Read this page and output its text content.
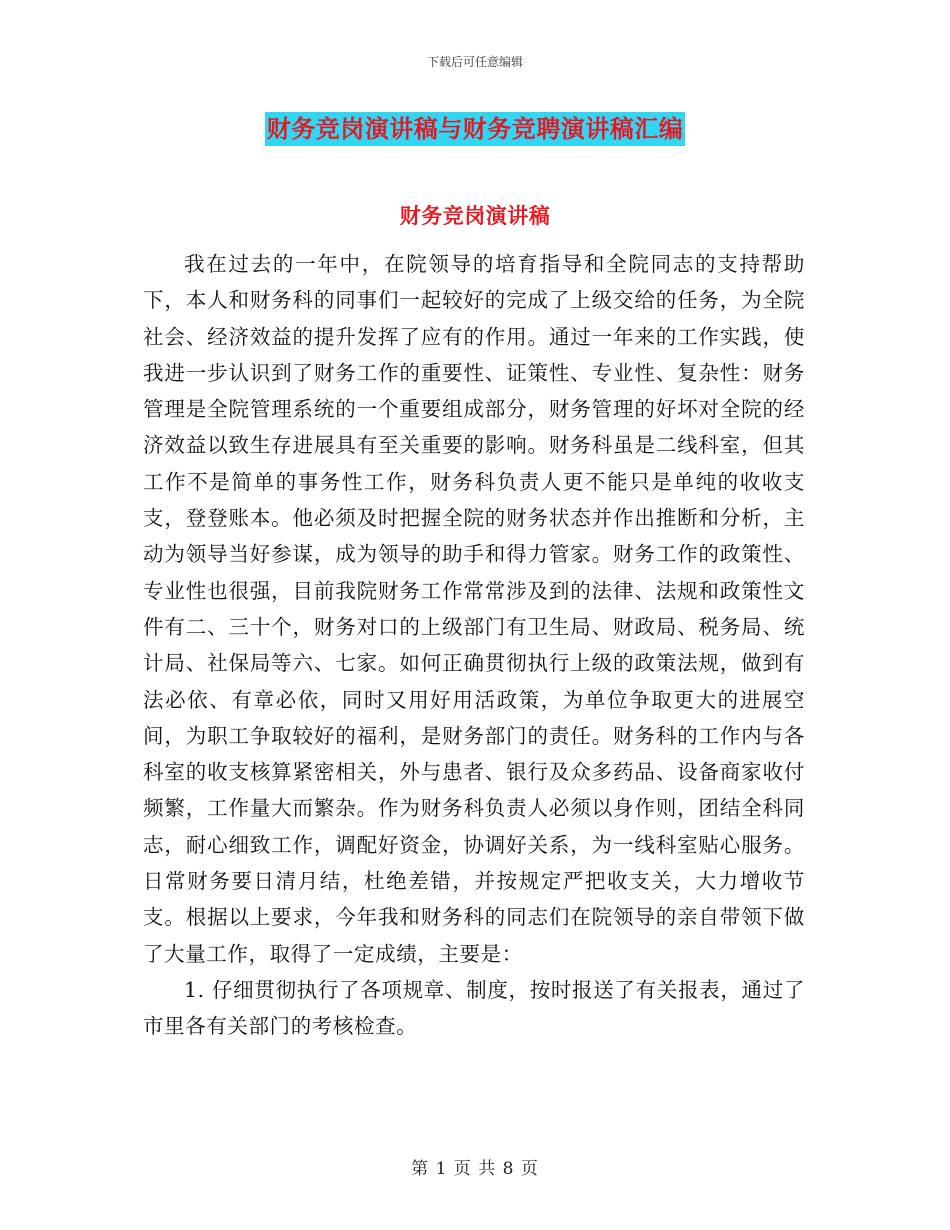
下载后可任意编辑
财务竞岗演讲稿与财务竞聘演讲稿汇编
财务竞岗演讲稿

我在过去的一年中，在院领导的培育指导和全院同志的支持帮助下，本人和财务科的同事们一起较好的完成了上级交给的任务，为全院社会、经济效益的提升发挥了应有的作用。通过一年来的工作实践，使我进一步认识到了财务工作的重要性、证策性、专业性、复杂性：财务管理是全院管理系统的一个重要组成部分，财务管理的好坏对全院的经济效益以致生存进展具有至关重要的影响。财务科虽是二线科室，但其工作不是简单的事务性工作，财务科负责人更不能只是单纯的收收支支，登登账本。他必须及时把握全院的财务状态并作出推断和分析，主动为领导当好参谋，成为领导的助手和得力管家。财务工作的政策性、专业性也很强，目前我院财务工作常常涉及到的法律、法规和政策性文件有二、三十个，财务对口的上级部门有卫生局、财政局、税务局、统计局、社保局等六、七家。如何正确贯彻执行上级的政策法规，做到有法必依、有章必依，同时又用好用活政策，为单位争取更大的进展空间，为职工争取较好的福利，是财务部门的责任。财务科的工作内与各科室的收支核算紧密相关，外与患者、银行及众多药品、设备商家收付频繁，工作量大而繁杂。作为财务科负责人必须以身作则，团结全科同志，耐心细致工作，调配好资金，协调好关系，为一线科室贴心服务。日常财务要日清月结，杜绝差错，并按规定严把收支关，大力增收节支。根据以上要求，今年我和财务科的同志们在院领导的亲自带领下做了大量工作，取得了一定成绩，主要是：

1. 仔细贯彻执行了各项规章、制度，按时报送了有关报表，通过了市里各有关部门的考核检查。

第 1 页 共 8 页
